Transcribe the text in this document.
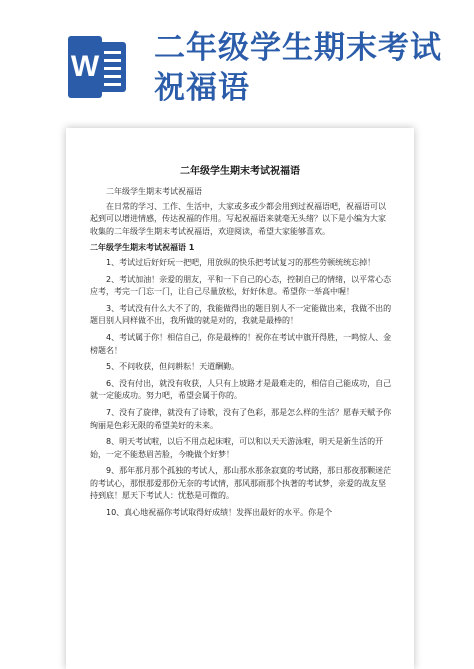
W
二年级学生期末考试祝福语
二年级学生期末考试祝福语

二年级学生期末考试祝福语

在日常的学习、工作、生活中，大家或多或少都会用到过祝福语吧，祝福语可以起到可以增进情感，传达祝福的作用。写起祝福语来就毫无头绪？以下是小编为大家收集的二年级学生期末考试祝福语，欢迎阅读，希望大家能够喜欢。

二年级学生期末考试祝福语 1

1、考试过后好好玩一把吧，用放纵的快乐把考试复习的那些劳顿统统忘掉！

2、考试加油！亲爱的朋友，平和一下自己的心态，控制自己的情绪，以平常心态应考，考完一门忘一门，让自己尽量放松，好好休息。希望你一举高中喔！

3、考试没有什么大不了的，我能做得出的题目别人不一定能做出来，我做不出的题目别人同样做不出，我所做的就是对的，我就是最棒的！

4、考试属于你！相信自己，你是最棒的！祝你在考试中旗开得胜，一鸣惊人、金榜题名！

5、不问收获，但问耕耘！天道酬勤。

6、没有付出，就没有收获，人只有上坡路才是最难走的，相信自己能成功，自己就一定能成功。努力吧，希望会属于你的。

7、没有了旋律，就没有了诗歌，没有了色彩，那是怎么样的生活？愿春天赋予你绚丽是色彩无限的希望美好的未来。

8、明天考试啦，以后不用点起床啦，可以和以天天游泳啦，明天是新生活的开始，一定不能愁眉苦脸，今晚做个好梦！

9、那年那月那个孤独的考试人，那山那水那条寂寞的考试路，那日那夜那颗迷茫的考试心，那恨那爱那份无奈的考试情，那风那雨那个执著的考试梦，亲爱的战友坚持到底！愿天下考试人：忧愁是可微的。

10、真心地祝福你考试取得好成绩！发挥出最好的水平。你是个
